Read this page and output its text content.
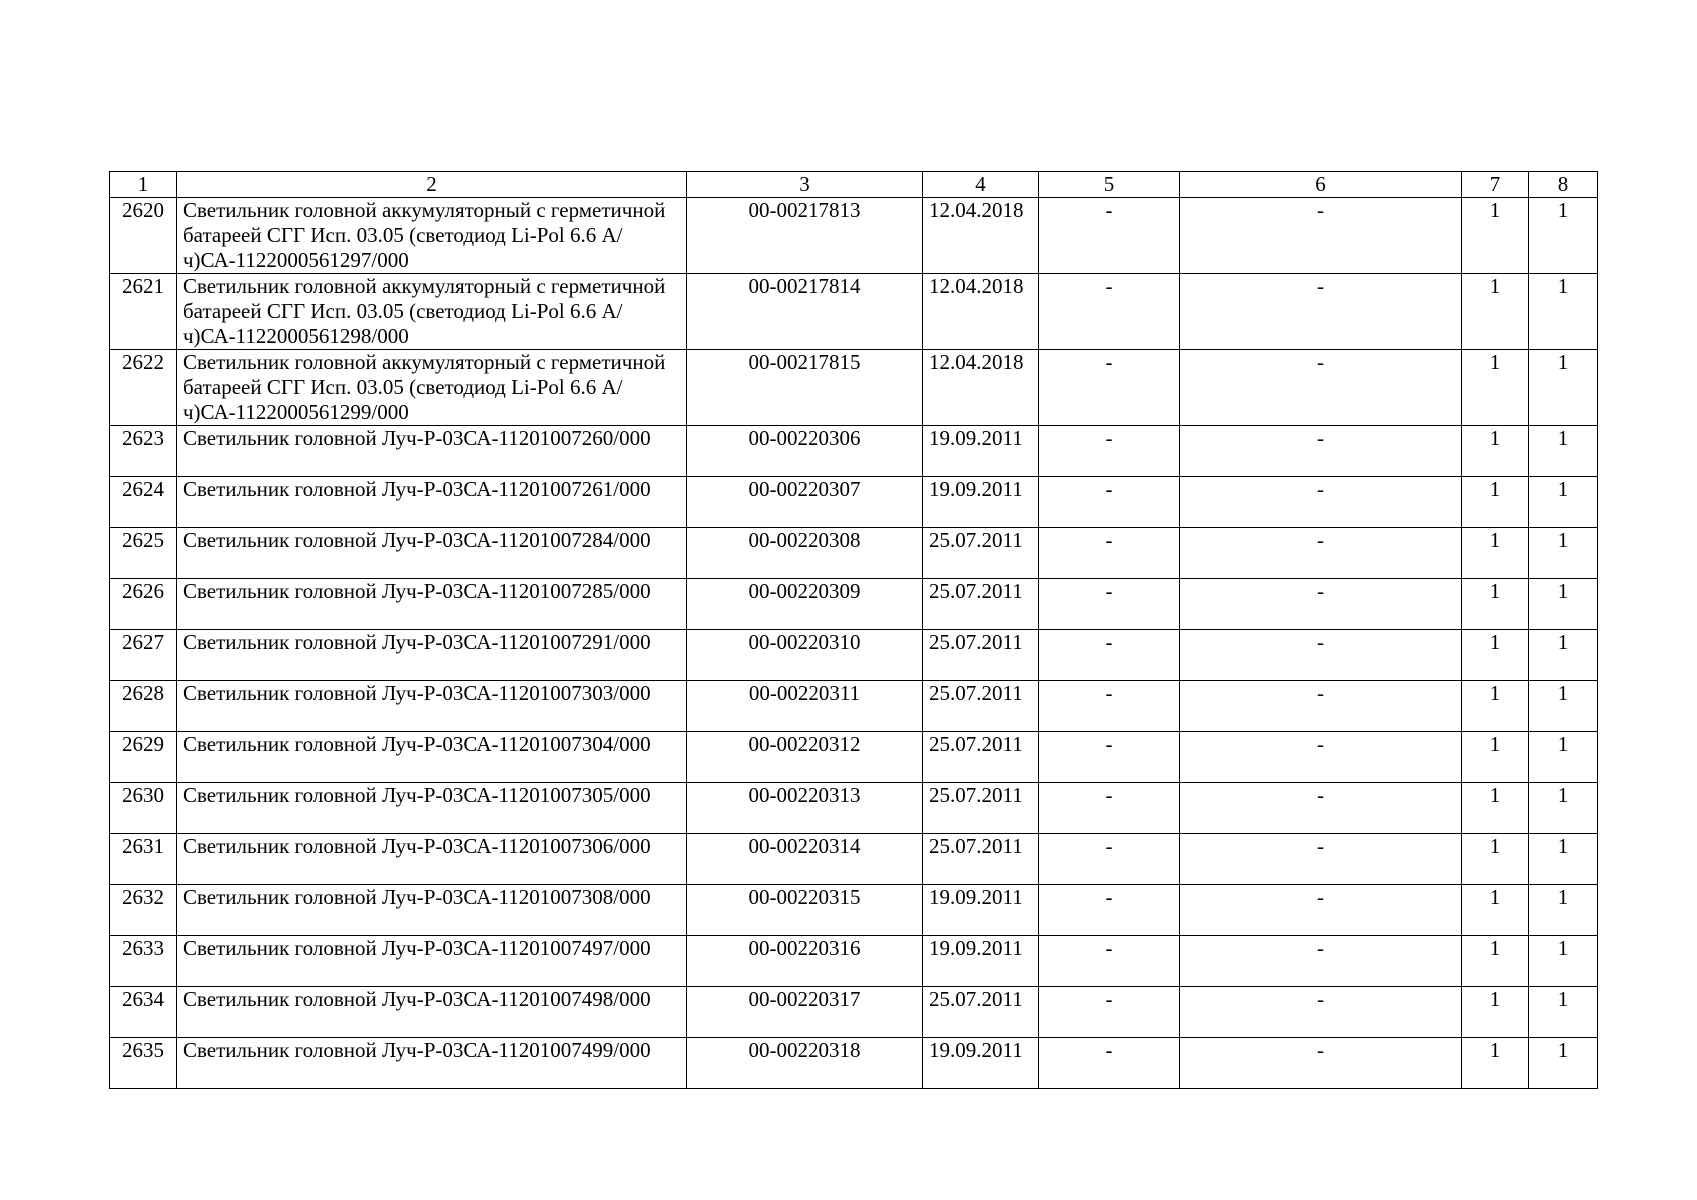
1	2	3	4	5	6	7	8
2620	Светильник головной аккумуляторный с герметичной батареей СГГ Исп. 03.05 (светодиод Li-Pol 6.6 А/ч)СА-1122000561297/000	00-00217813	12.04.2018	-	-	1	1
2621	Светильник головной аккумуляторный с герметичной батареей СГГ Исп. 03.05 (светодиод Li-Pol 6.6 А/ч)СА-1122000561298/000	00-00217814	12.04.2018	-	-	1	1
2622	Светильник головной аккумуляторный с герметичной батареей СГГ Исп. 03.05 (светодиод Li-Pol 6.6 А/ч)СА-1122000561299/000	00-00217815	12.04.2018	-	-	1	1
2623	Светильник головной Луч-Р-03СА-11201007260/000	00-00220306	19.09.2011	-	-	1	1
2624	Светильник головной Луч-Р-03СА-11201007261/000	00-00220307	19.09.2011	-	-	1	1
2625	Светильник головной Луч-Р-03СА-11201007284/000	00-00220308	25.07.2011	-	-	1	1
2626	Светильник головной Луч-Р-03СА-11201007285/000	00-00220309	25.07.2011	-	-	1	1
2627	Светильник головной Луч-Р-03СА-11201007291/000	00-00220310	25.07.2011	-	-	1	1
2628	Светильник головной Луч-Р-03СА-11201007303/000	00-00220311	25.07.2011	-	-	1	1
2629	Светильник головной Луч-Р-03СА-11201007304/000	00-00220312	25.07.2011	-	-	1	1
2630	Светильник головной Луч-Р-03СА-11201007305/000	00-00220313	25.07.2011	-	-	1	1
2631	Светильник головной Луч-Р-03СА-11201007306/000	00-00220314	25.07.2011	-	-	1	1
2632	Светильник головной Луч-Р-03СА-11201007308/000	00-00220315	19.09.2011	-	-	1	1
2633	Светильник головной Луч-Р-03СА-11201007497/000	00-00220316	19.09.2011	-	-	1	1
2634	Светильник головной Луч-Р-03СА-11201007498/000	00-00220317	25.07.2011	-	-	1	1
2635	Светильник головной Луч-Р-03СА-11201007499/000	00-00220318	19.09.2011	-	-	1	1
